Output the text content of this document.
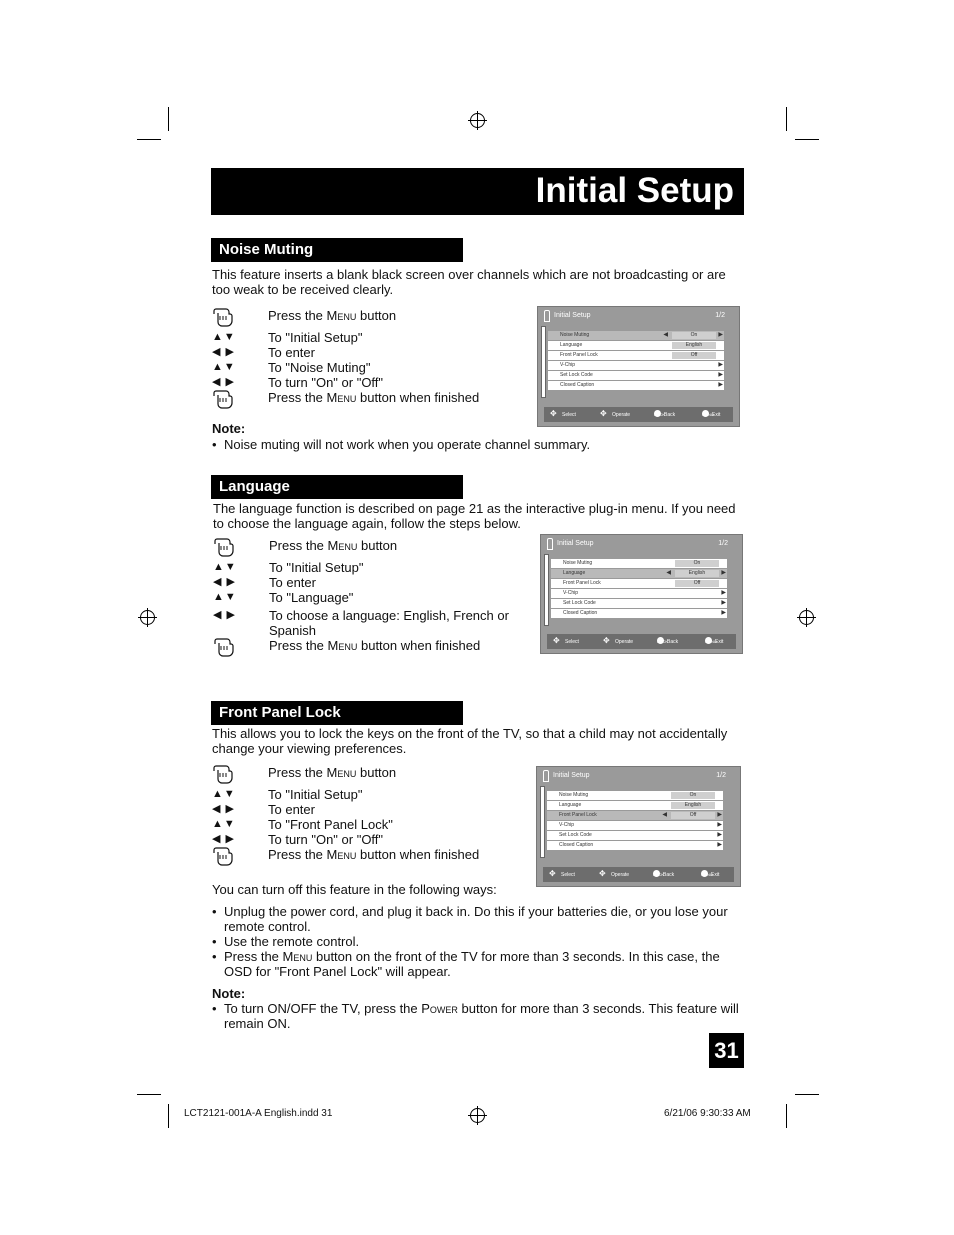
Initial Setup
Noise Muting
This feature inserts a blank black screen over channels which are not broadcasting or are too weak to be received clearly.
Press the Menu button
▲▼ To "Initial Setup"
◀ ▶	To enter
▲▼ To "Noise Muting"
◀ ▶	To turn "On" or "Off"
Press the Menu button when finished
Note:
• Noise muting will not work when you operate channel summary.
Initial Setup	1/2
Noise Muting	On
◀	▶
Language	English
Front Panel Lock	Off
V-Chip	▶
Set Lock Code	▶
Closed Caption	▶
✥ Select	✥ Operate	BACK Back	MENU
Exit
Language
The language function is described on page 21 as the interactive plug-in menu. If you need to choose the language again, follow the steps below.
Press the Menu button
▲▼ To "Initial Setup"
◀ ▶	To enter
▲▼ To "Language"
◀ ▶	To choose a language: English, French or Spanish
Press the Menu button when finished
Initial Setup	1/2
Noise Muting	On
Language	English
◀	▶
Front Panel Lock	Off
V-Chip	▶
Set Lock Code	▶
Closed Caption	▶
✥ Select	✥ Operate	BACK Back	MENU
Exit
Front Panel Lock
This allows you to lock the keys on the front of the TV, so that a child may not accidentally change your viewing preferences.
Press the Menu button
▲▼ To "Initial Setup"
◀ ▶	To enter
▲▼ To "Front Panel Lock"
◀ ▶	To turn "On" or "Off"
Press the Menu button when finished
Initial Setup	1/2
Noise Muting	On
Language	English
Front Panel Lock	Off
◀	▶
V-Chip	▶
Set Lock Code	▶
Closed Caption	▶
✥ Select	✥ Operate	BACK Back	MENU
Exit
You can turn off this feature in the following ways:
• Unplug the power cord, and plug it back in. Do this if your batteries die, or you lose your remote control.
• Use the remote control.
• Press the Menu button on the front of the TV for more than 3 seconds. In this case, the OSD for "Front Panel Lock" will appear.
Note:
• To turn ON/OFF the TV, press the Power button for more than 3 seconds. This feature will remain ON.
31
LCT2121-001A-A English.indd 31	6/21/06 9:30:33 AM
